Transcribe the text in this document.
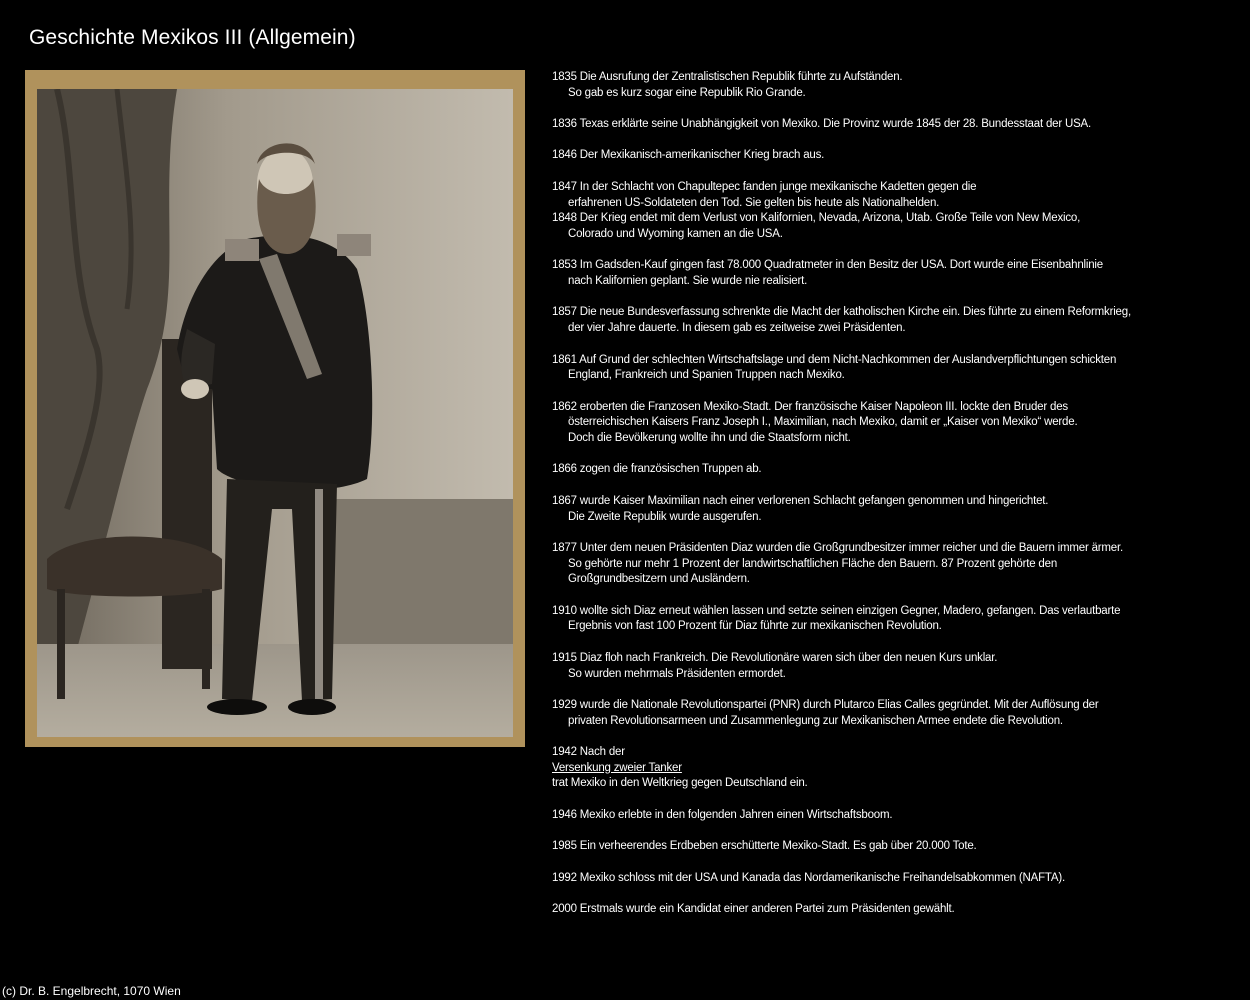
Geschichte Mexikos III (Allgemein)
1835 Die Ausrufung der Zentralistischen Republik führte zu Aufständen.
So gab es kurz sogar eine Republik Rio Grande.
1836 Texas erklärte seine Unabhängigkeit von Mexiko. Die Provinz wurde 1845 der 28. Bundesstaat der USA.
1846 Der Mexikanisch-amerikanischer Krieg brach aus.
1847 In der Schlacht von Chapultepec fanden junge mexikanische Kadetten gegen die
erfahrenen US-Soldateten den Tod. Sie gelten bis heute als Nationalhelden.
1848 Der Krieg endet mit dem Verlust von Kalifornien, Nevada, Arizona, Utab. Große Teile von New Mexico,
Colorado und Wyoming kamen an die USA.
1853 Im Gadsden-Kauf gingen fast 78.000 Quadratmeter in den Besitz der USA. Dort wurde eine Eisenbahnlinie
nach Kalifornien geplant. Sie wurde nie realisiert.
1857 Die neue Bundesverfassung schrenkte die Macht der katholischen Kirche ein. Dies führte zu einem Reformkrieg,
der vier Jahre dauerte. In diesem gab es zeitweise zwei Präsidenten.
1861 Auf Grund der schlechten Wirtschaftslage und dem Nicht-Nachkommen der Auslandverpflichtungen schickten
England, Frankreich und Spanien Truppen nach Mexiko.
1862 eroberten die Franzosen Mexiko-Stadt. Der französische Kaiser Napoleon III. lockte den Bruder des
österreichischen Kaisers Franz Joseph I., Maximilian, nach Mexiko, damit er „Kaiser von Mexiko“ werde.
Doch die Bevölkerung wollte ihn und die Staatsform nicht.
1866 zogen die französischen Truppen ab.
1867 wurde Kaiser Maximilian nach einer verlorenen Schlacht gefangen genommen und hingerichtet.
Die Zweite Republik wurde ausgerufen.
1877 Unter dem neuen Präsidenten Diaz wurden die Großgrundbesitzer immer reicher und die Bauern immer ärmer.
So gehörte nur mehr 1 Prozent der landwirtschaftlichen Fläche den Bauern. 87 Prozent gehörte den
Großgrundbesitzern und Ausländern.
1910 wollte sich Diaz erneut wählen lassen und setzte seinen einzigen Gegner, Madero, gefangen. Das verlautbarte
Ergebnis von fast 100 Prozent für Diaz führte zur mexikanischen Revolution.
1915 Diaz floh nach Frankreich. Die Revolutionäre waren sich über den neuen Kurs unklar.
So wurden mehrmals Präsidenten ermordet.
1929 wurde die Nationale Revolutionspartei (PNR) durch Plutarco Elias Calles gegründet. Mit der Auflösung der
privaten Revolutionsarmeen und Zusammenlegung zur Mexikanischen Armee endete die Revolution.
1942 Nach der
Versenkung zweier Tanker
trat Mexiko in den Weltkrieg gegen Deutschland ein.
1946 Mexiko erlebte in den folgenden Jahren einen Wirtschaftsboom.
1985 Ein verheerendes Erdbeben erschütterte Mexiko-Stadt. Es gab über 20.000 Tote.
1992 Mexiko schloss mit der USA und Kanada das Nordamerikanische Freihandelsabkommen (NAFTA).
2000 Erstmals wurde ein Kandidat einer anderen Partei zum Präsidenten gewählt.
(c) Dr. B. Engelbrecht, 1070 Wien
